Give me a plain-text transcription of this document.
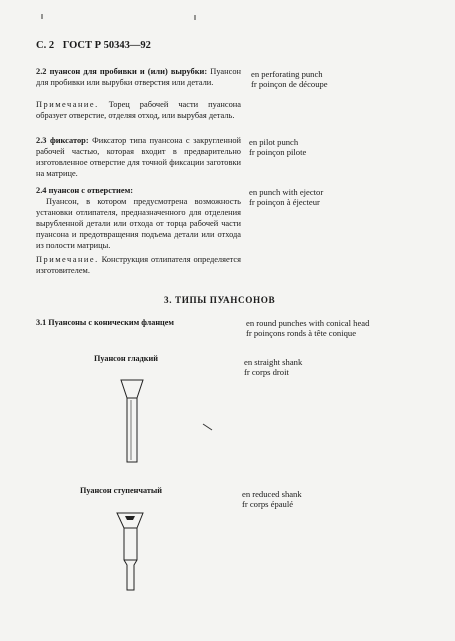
С. 2 ГОСТ Р 50343—92
2.2 пуансон для пробивки и (или) вырубки: Пуансон для пробивки или вырубки отверстия или детали.
Примечание. Торец рабочей части пуансона образует отверстие, отделяя отход, или вырубая деталь.
en perforating punch
fr poinçon de découpe
2.3 фиксатор: Фиксатор типа пуансона с закругленной рабочей частью, которая входит в предварительно изготовленное отверстие для точной фиксации заготовки на матрице.
en pilot punch
fr poinçon pilote
2.4 пуансон с отверстием:
Пуансон, в котором предусмотрена возможность установки отлипателя, предназначенного для отделения вырубленной детали или отхода от торца рабочей части пуансона и предотвращения подъема детали или отхода из полости матрицы.
Примечание. Конструкция отлипателя определяется изготовителем.
en punch with ejector
fr poinçon à éjecteur
3. ТИПЫ ПУАНСОНОВ
3.1 Пуансоны с коническим фланцем	en round punches with conical head
fr poinçons ronds à tête conique
Пуансон гладкий	en straight shank
fr corps droit
Пуансон ступенчатый	en reduced shank
fr corps épaulé
